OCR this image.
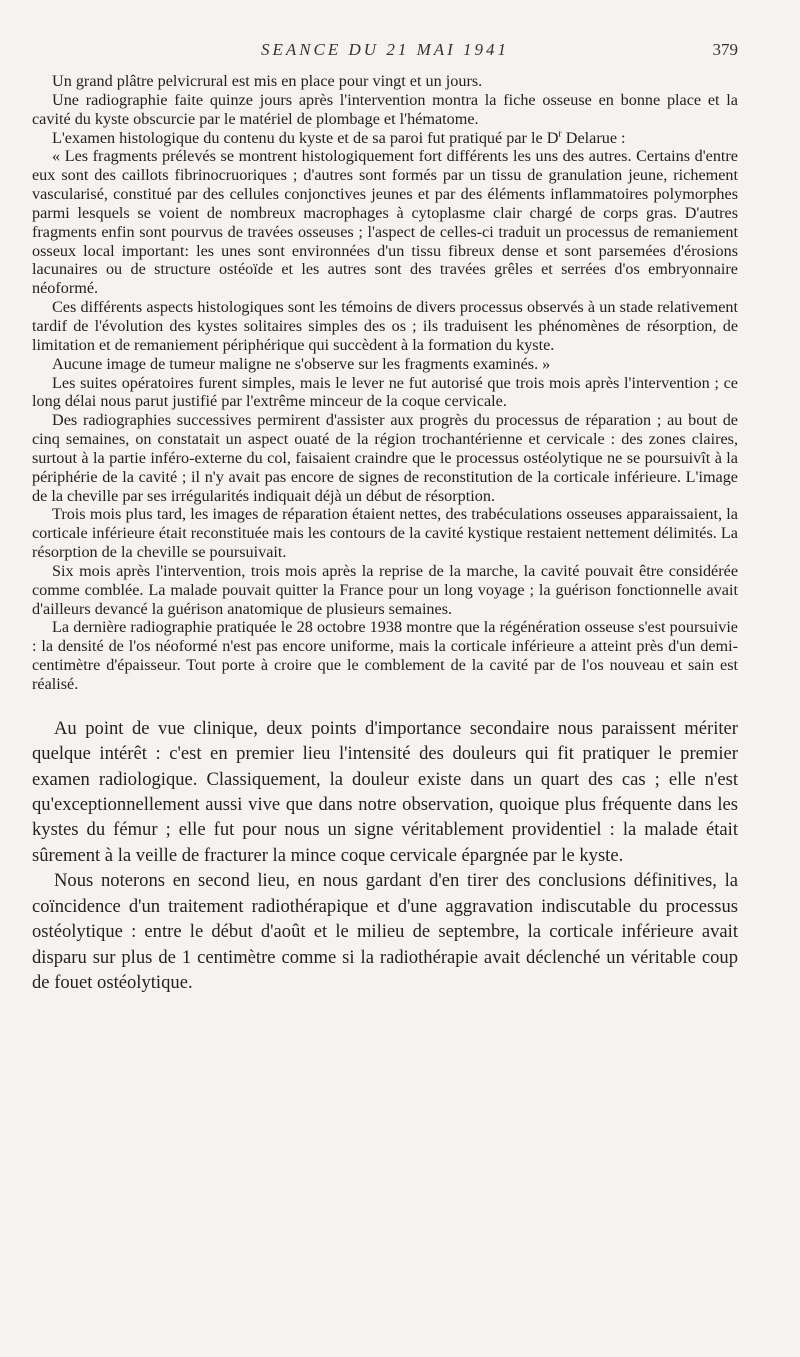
SEANCE DU 21 MAI 1941	379

Un grand plâtre pelvicrural est mis en place pour vingt et un jours.

Une radiographie faite quinze jours après l'intervention montra la fiche osseuse en bonne place et la cavité du kyste obscurcie par le matériel de plombage et l'hématome.

L'examen histologique du contenu du kyste et de sa paroi fut pratiqué par le $D^r$ Delarue :

« Les fragments prélevés se montrent histologiquement fort différents les uns des autres. Certains d'entre eux sont des caillots fibrinocruoriques ; d'autres sont formés par un tissu de granulation jeune, richement vascularisé, constitué par des cellules conjonctives jeunes et par des éléments inflammatoires polymorphes parmi lesquels se voient de nombreux macrophages à cytoplasme clair chargé de corps gras. D'autres fragments enfin sont pourvus de travées osseuses ; l'aspect de celles-ci traduit un processus de remaniement osseux local important: les unes sont environnées d'un tissu fibreux dense et sont parsemées d'érosions lacunaires ou de structure ostéoïde et les autres sont des travées grêles et serrées d'os embryonnaire néoformé.

Ces différents aspects histologiques sont les témoins de divers processus observés à un stade relativement tardif de l'évolution des kystes solitaires simples des os ; ils traduisent les phénomènes de résorption, de limitation et de remaniement périphérique qui succèdent à la formation du kyste.

Aucune image de tumeur maligne ne s'observe sur les fragments examinés. »

Les suites opératoires furent simples, mais le lever ne fut autorisé que trois mois après l'intervention ; ce long délai nous parut justifié par l'extrême minceur de la coque cervicale.

Des radiographies successives permirent d'assister aux progrès du processus de réparation ; au bout de cinq semaines, on constatait un aspect ouaté de la région trochantérienne et cervicale : des zones claires, surtout à la partie inféro-externe du col, faisaient craindre que le processus ostéolytique ne se poursuivît à la périphérie de la cavité ; il n'y avait pas encore de signes de reconstitution de la corticale inférieure. L'image de la cheville par ses irrégularités indiquait déjà un début de résorption.

Trois mois plus tard, les images de réparation étaient nettes, des trabéculations osseuses apparaissaient, la corticale inférieure était reconstituée mais les contours de la cavité kystique restaient nettement délimités. La résorption de la cheville se poursuivait.

Six mois après l'intervention, trois mois après la reprise de la marche, la cavité pouvait être considérée comme comblée. La malade pouvait quitter la France pour un long voyage ; la guérison fonctionnelle avait d'ailleurs devancé la guérison anatomique de plusieurs semaines.

La dernière radiographie pratiquée le 28 octobre 1938 montre que la régénération osseuse s'est poursuivie : la densité de l'os néoformé n'est pas encore uniforme, mais la corticale inférieure a atteint près d'un demi-centimètre d'épaisseur. Tout porte à croire que le comblement de la cavité par de l'os nouveau et sain est réalisé.

Au point de vue clinique, deux points d'importance secondaire nous paraissent mériter quelque intérêt : c'est en premier lieu l'intensité des douleurs qui fit pratiquer le premier examen radiologique. Classiquement, la douleur existe dans un quart des cas ; elle n'est qu'exceptionnellement aussi vive que dans notre observation, quoique plus fréquente dans les kystes du fémur ; elle fut pour nous un signe véritablement providentiel : la malade était sûrement à la veille de fracturer la mince coque cervicale épargnée par le kyste.

Nous noterons en second lieu, en nous gardant d'en tirer des conclusions définitives, la coïncidence d'un traitement radiothérapique et d'une aggravation indiscutable du processus ostéolytique : entre le début d'août et le milieu de septembre, la corticale inférieure avait disparu sur plus de 1 centimètre comme si la radiothérapie avait déclenché un véritable coup de fouet ostéolytique.
